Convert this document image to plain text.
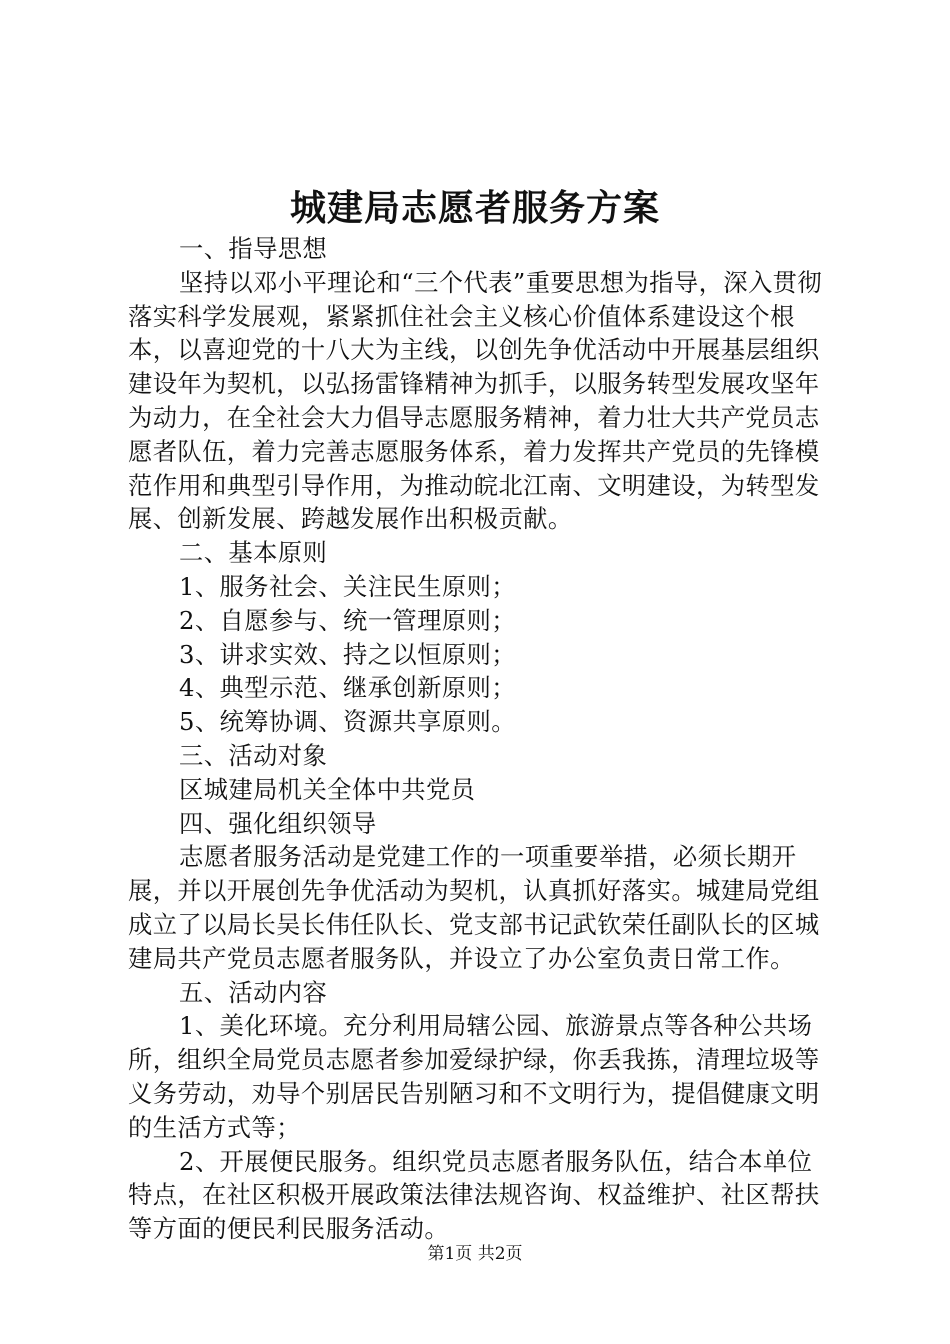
城建局志愿者服务方案

一、指导思想

坚持以邓小平理论和“三个代表”重要思想为指导，深入贯彻落实科学发展观，紧紧抓住社会主义核心价值体系建设这个根本，以喜迎党的十八大为主线，以创先争优活动中开展基层组织建设年为契机，以弘扬雷锋精神为抓手，以服务转型发展攻坚年为动力，在全社会大力倡导志愿服务精神，着力壮大共产党员志愿者队伍，着力完善志愿服务体系，着力发挥共产党员的先锋模范作用和典型引导作用，为推动皖北江南、文明建设，为转型发展、创新发展、跨越发展作出积极贡献。

二、基本原则

1、服务社会、关注民生原则；

2、自愿参与、统一管理原则；

3、讲求实效、持之以恒原则；

4、典型示范、继承创新原则；

5、统筹协调、资源共享原则。

三、活动对象

区城建局机关全体中共党员

四、强化组织领导

志愿者服务活动是党建工作的一项重要举措，必须长期开展，并以开展创先争优活动为契机，认真抓好落实。城建局党组成立了以局长吴长伟任队长、党支部书记武钦荣任副队长的区城建局共产党员志愿者服务队，并设立了办公室负责日常工作。

五、活动内容

1、美化环境。充分利用局辖公园、旅游景点等各种公共场所，组织全局党员志愿者参加爱绿护绿，你丢我拣，清理垃圾等义务劳动，劝导个别居民告别陋习和不文明行为，提倡健康文明的生活方式等；

2、开展便民服务。组织党员志愿者服务队伍，结合本单位特点，在社区积极开展政策法律法规咨询、权益维护、社区帮扶等方面的便民利民服务活动。

第1页 共2页
